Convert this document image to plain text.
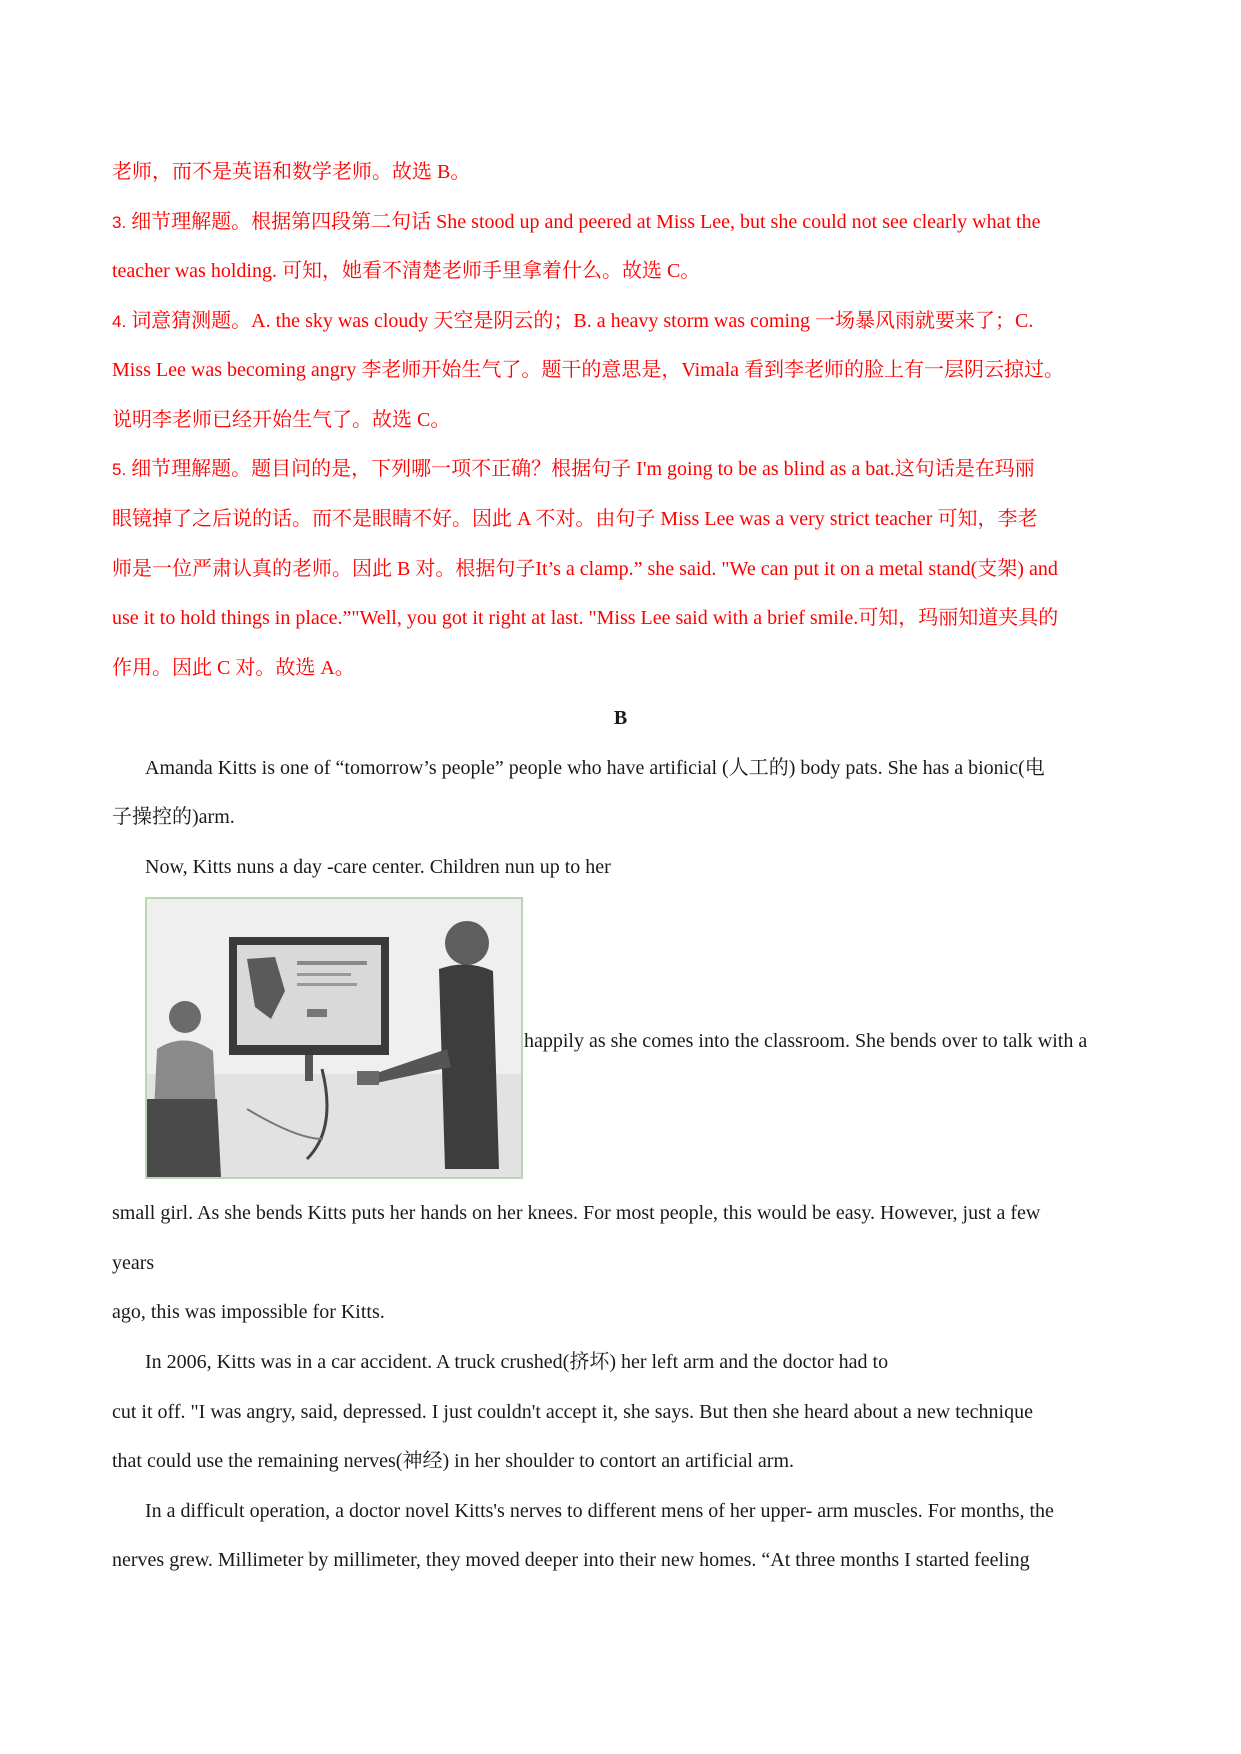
老师，而不是英语和数学老师。故选 B。
3. 细节理解题。根据第四段第二句话 She stood up and peered at Miss Lee, but she could not see clearly what the
teacher was holding. 可知，她看不清楚老师手里拿着什么。故选 C。
4. 词意猜测题。A. the sky was cloudy 天空是阴云的；B. a heavy storm was coming 一场暴风雨就要来了；C.
Miss Lee was becoming angry 李老师开始生气了。题干的意思是，Vimala 看到李老师的脸上有一层阴云掠过。
说明李老师已经开始生气了。故选 C。
5. 细节理解题。题目问的是，下列哪一项不正确？根据句子 I'm going to be as blind as a bat.这句话是在玛丽
眼镜掉了之后说的话。而不是眼睛不好。因此 A 不对。由句子 Miss Lee was a very strict teacher 可知，李老
师是一位严肃认真的老师。因此 B 对。根据句子It’s a clamp.” she said. "We can put it on a metal stand(支架) and
use it to hold things in place.”"Well, you got it right at last. "Miss Lee said with a brief smile.可知，玛丽知道夹具的
作用。因此 C 对。故选 A。
B
Amanda Kitts is one of “tomorrow’s people” people who have artificial (人工的) body pats. She has a bionic(电
子操控的)arm.
Now, Kitts nuns a day -care center. Children nun up to her
happily as she comes into the classroom. She bends over to talk with a
small girl. As she bends Kitts puts her hands on her knees. For most people, this would be easy. However, just a few
years
ago, this was impossible for Kitts.
In 2006, Kitts was in a car accident. A truck crushed(挤坏) her left arm and the doctor had to
cut it off. "I was angry, said, depressed. I just couldn't accept it, she says. But then she heard about a new technique
that could use the remaining nerves(神经) in her shoulder to contort an artificial arm.
In a difficult operation, a doctor novel Kitts's nerves to different mens of her upper- arm muscles. For months, the
nerves grew. Millimeter by millimeter, they moved deeper into their new homes. “At three months I started feeling
